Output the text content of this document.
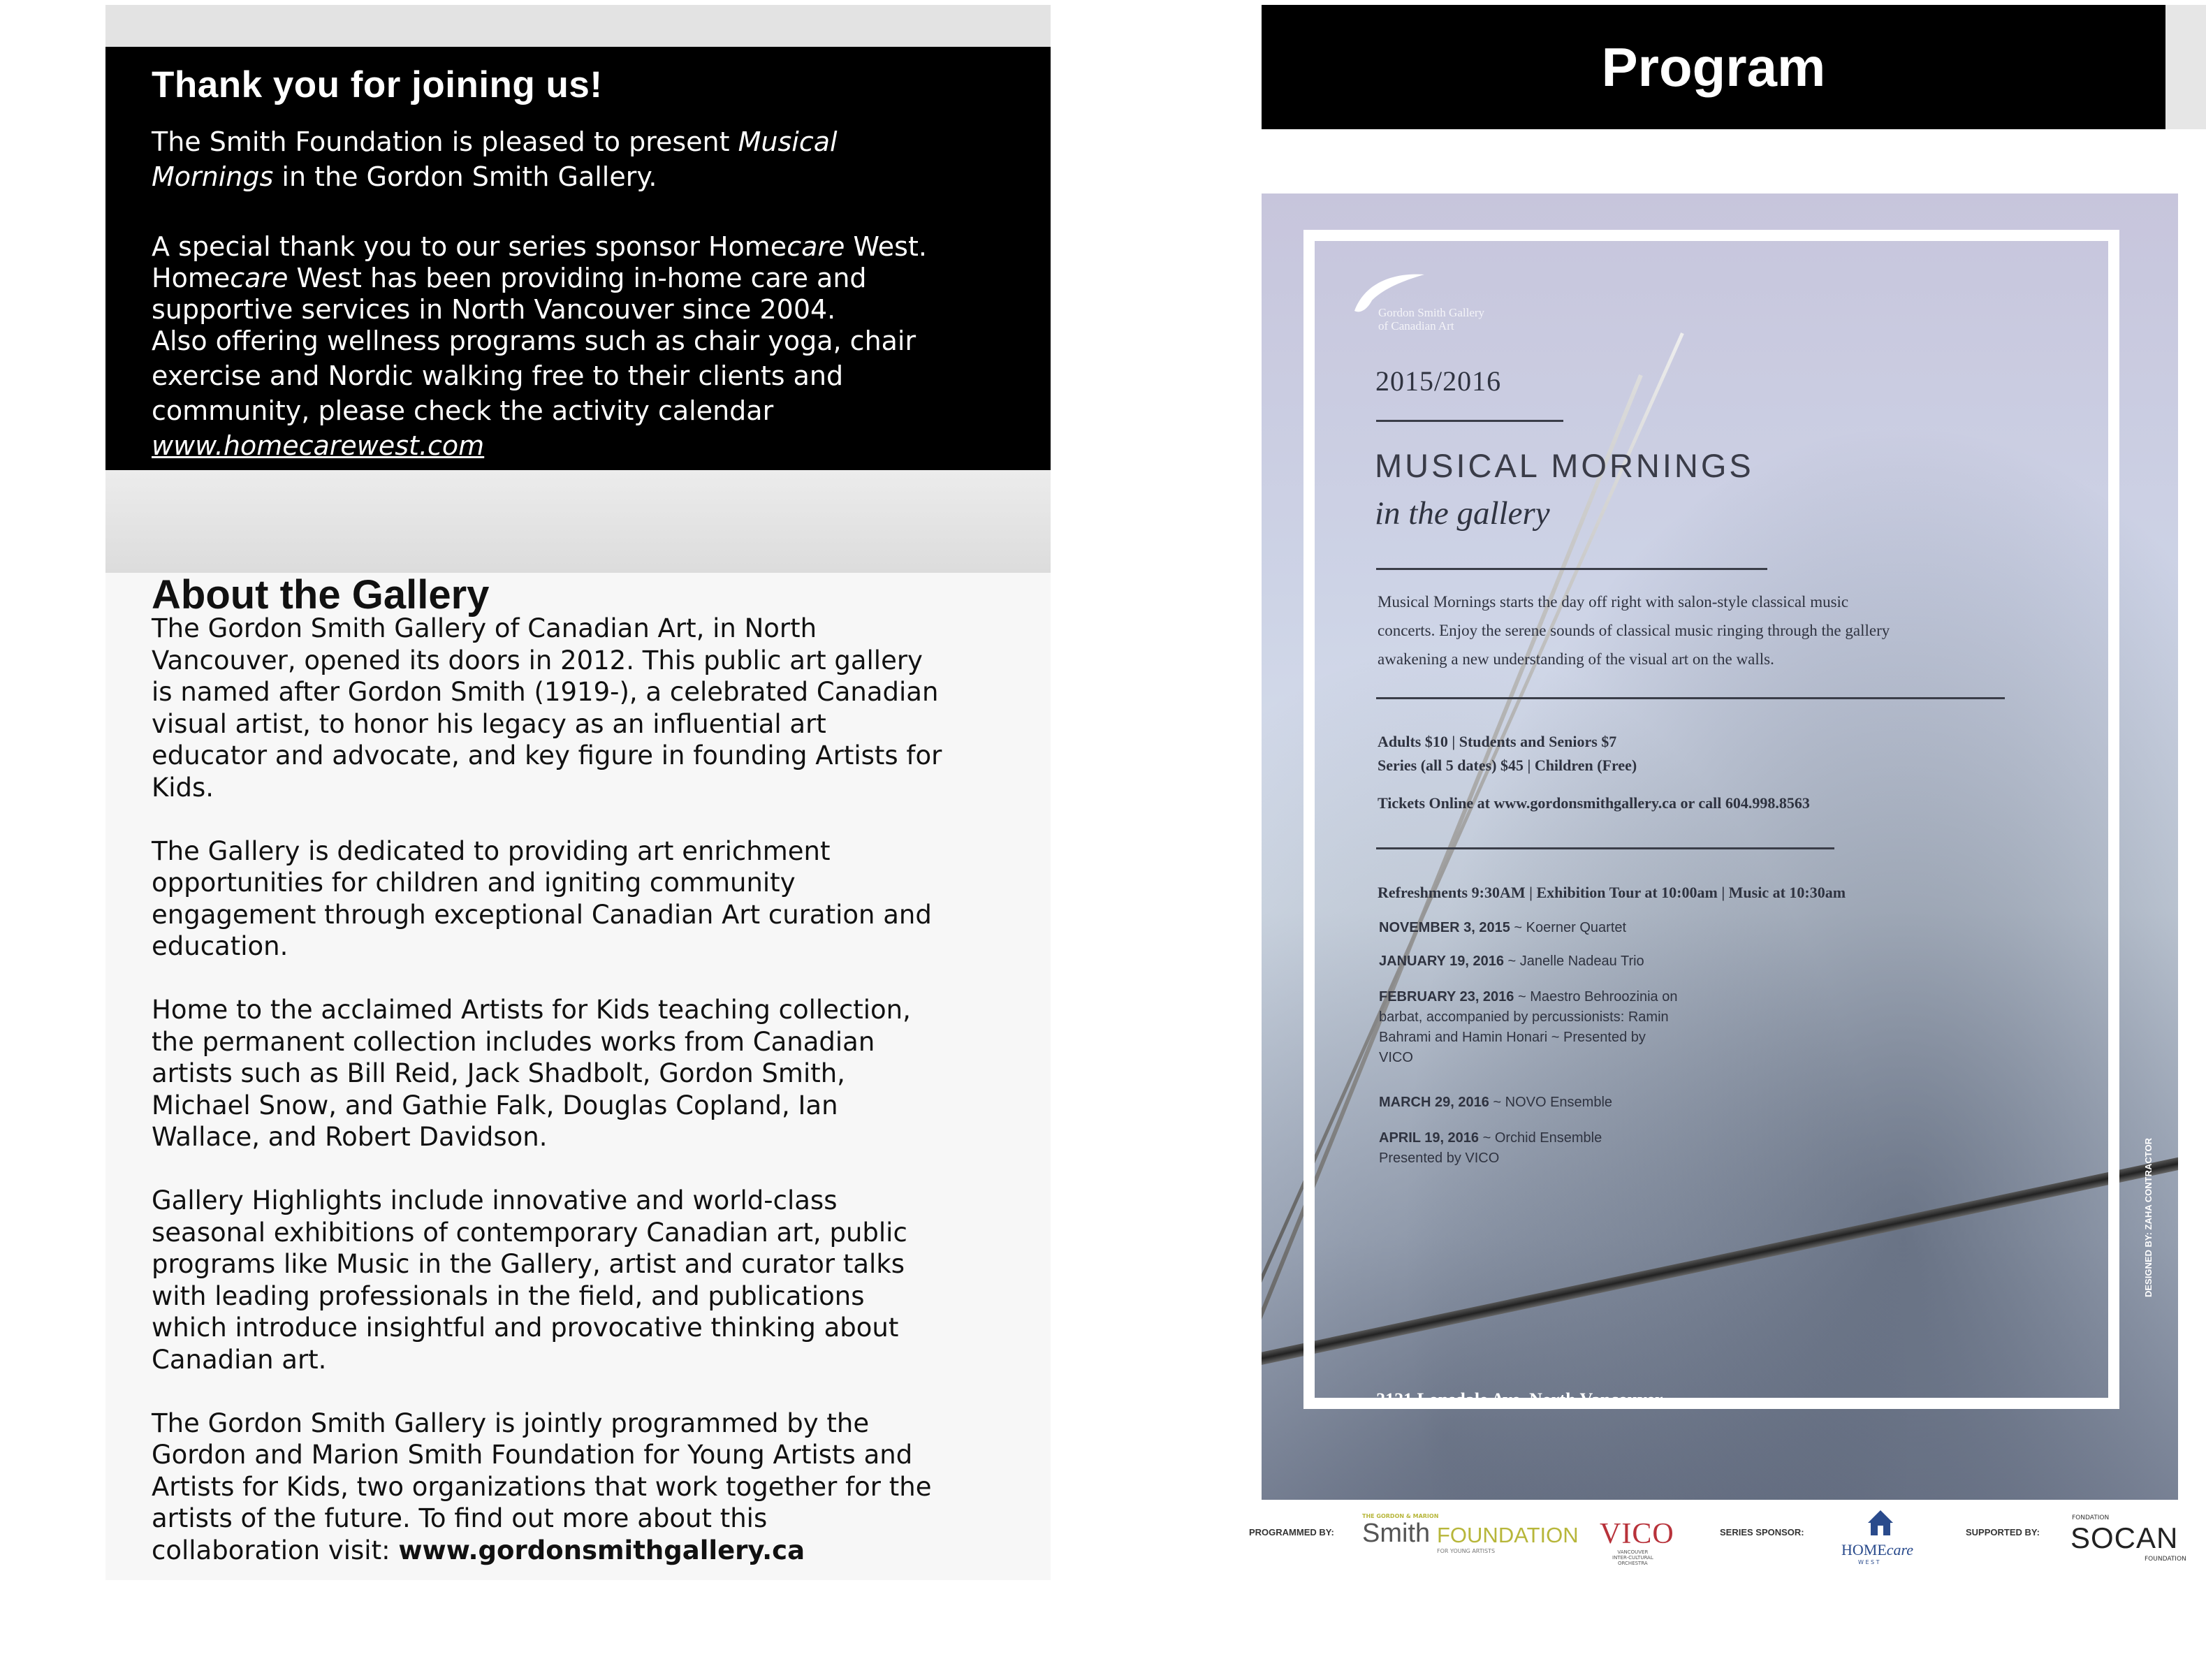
Thank you for joining us!
The Smith Foundation is pleased to present Musical
Mornings in the Gordon Smith Gallery.
A special thank you to our series sponsor Homecare West.
Homecare West has been providing in-home care and
supportive services in North Vancouver since 2004.
Also offering wellness programs such as chair yoga, chair
exercise and Nordic walking free to their clients and
community, please check the activity calendar
www.homecarewest.com
About the Gallery
The Gordon Smith Gallery of Canadian Art, in North
Vancouver, opened its doors in 2012. This public art gallery
is named after Gordon Smith (1919-), a celebrated Canadian
visual artist, to honor his legacy as an influential art
educator and advocate, and key figure in founding Artists for
Kids.
The Gallery is dedicated to providing art enrichment
opportunities for children and igniting community
engagement through exceptional Canadian Art curation and
education.
Home to the acclaimed Artists for Kids teaching collection,
the permanent collection includes works from Canadian
artists such as Bill Reid, Jack Shadbolt, Gordon Smith,
Michael Snow, and Gathie Falk, Douglas Copland, Ian
Wallace, and Robert Davidson.
Gallery Highlights include innovative and world-class
seasonal exhibitions of contemporary Canadian art, public
programs like Music in the Gallery, artist and curator talks
with leading professionals in the field, and publications
which introduce insightful and provocative thinking about
Canadian art.
The Gordon Smith Gallery is jointly programmed by the
Gordon and Marion Smith Foundation for Young Artists and
Artists for Kids, two organizations that work together for the
artists of the future. To find out more about this
collaboration visit: www.gordonsmithgallery.ca
Program
Gordon Smith Gallery
of Canadian Art
2015/2016
MUSICAL MORNINGS
in the gallery
Musical Mornings starts the day off right with salon-style classical music
concerts. Enjoy the serene sounds of classical music ringing through the gallery
awakening a new understanding of the visual art on the walls.
Adults $10 | Students and Seniors $7
Series (all 5 dates) $45 | Children (Free)
Tickets Online at www.gordonsmithgallery.ca or call 604.998.8563
Refreshments 9:30AM | Exhibition Tour at 10:00am | Music at 10:30am
NOVEMBER 3, 2015 ~ Koerner Quartet
JANUARY 19, 2016 ~ Janelle Nadeau Trio
FEBRUARY 23, 2016 ~ Maestro Behroozinia on
barbat, accompanied by percussionists: Ramin
Bahrami and Hamin Honari ~ Presented by
VICO
MARCH 29, 2016 ~ NOVO Ensemble
APRIL 19, 2016 ~ Orchid Ensemble
Presented by VICO
2121 Lonsdale Ave, North Vancouver
DESIGNED BY: ZAHA CONTRACTOR
PROGRAMMED BY:
THE GORDON & MARION
Smith FOUNDATION
FOR YOUNG ARTISTS
VICO
VANCOUVER
INTER-CULTURAL
ORCHESTRA
SERIES SPONSOR:
HOMEcare
W E S T
SUPPORTED BY:
FONDATION
SOCAN
FOUNDATION
